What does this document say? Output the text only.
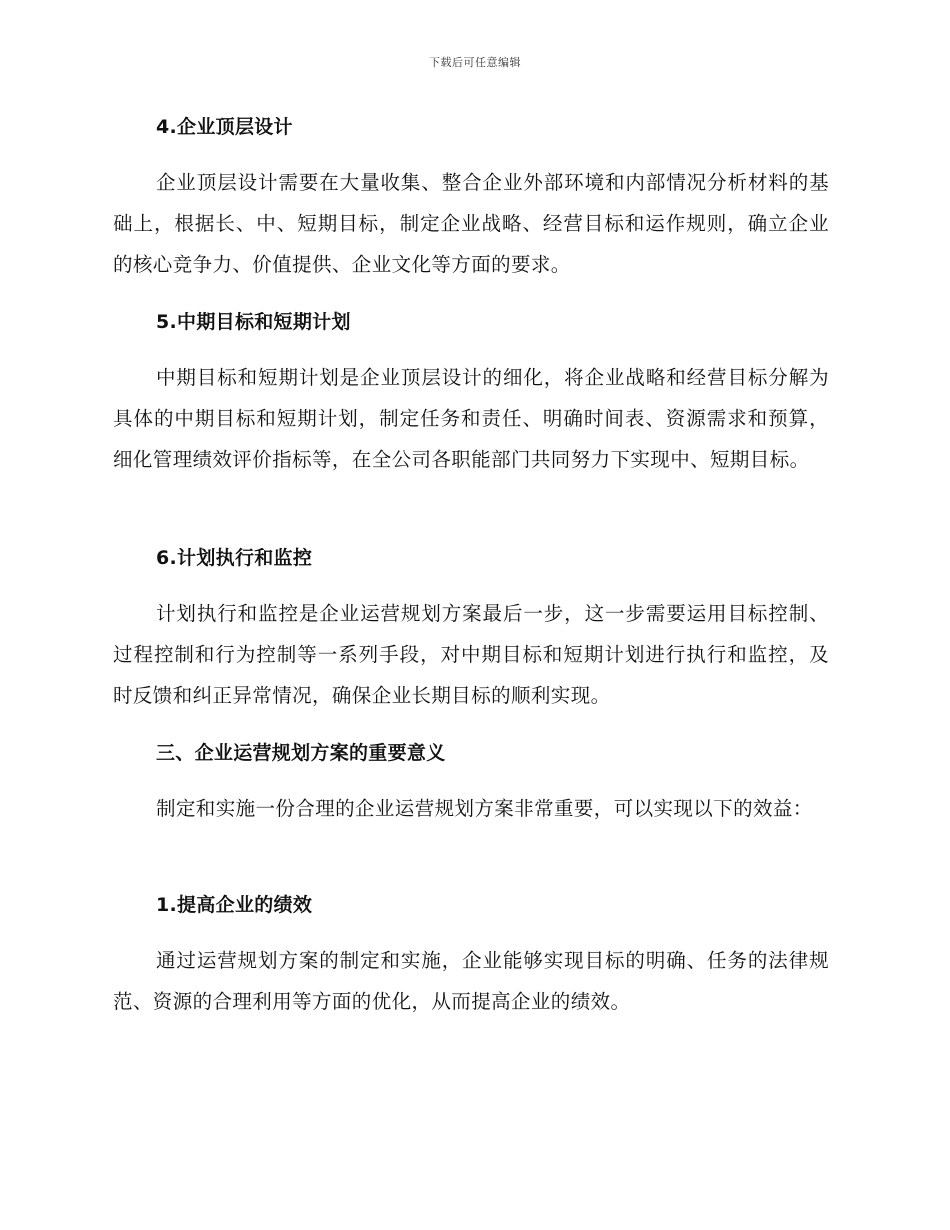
下载后可任意编辑
4.企业顶层设计
企业顶层设计需要在大量收集、整合企业外部环境和内部情况分析材料的基础上，根据长、中、短期目标，制定企业战略、经营目标和运作规则，确立企业的核心竞争力、价值提供、企业文化等方面的要求。
5.中期目标和短期计划
中期目标和短期计划是企业顶层设计的细化，将企业战略和经营目标分解为具体的中期目标和短期计划，制定任务和责任、明确时间表、资源需求和预算，细化管理绩效评价指标等，在全公司各职能部门共同努力下实现中、短期目标。
6.计划执行和监控
计划执行和监控是企业运营规划方案最后一步，这一步需要运用目标控制、过程控制和行为控制等一系列手段，对中期目标和短期计划进行执行和监控，及时反馈和纠正异常情况，确保企业长期目标的顺利实现。
三、企业运营规划方案的重要意义
制定和实施一份合理的企业运营规划方案非常重要，可以实现以下的效益：
1.提高企业的绩效
通过运营规划方案的制定和实施，企业能够实现目标的明确、任务的法律规范、资源的合理利用等方面的优化，从而提高企业的绩效。
